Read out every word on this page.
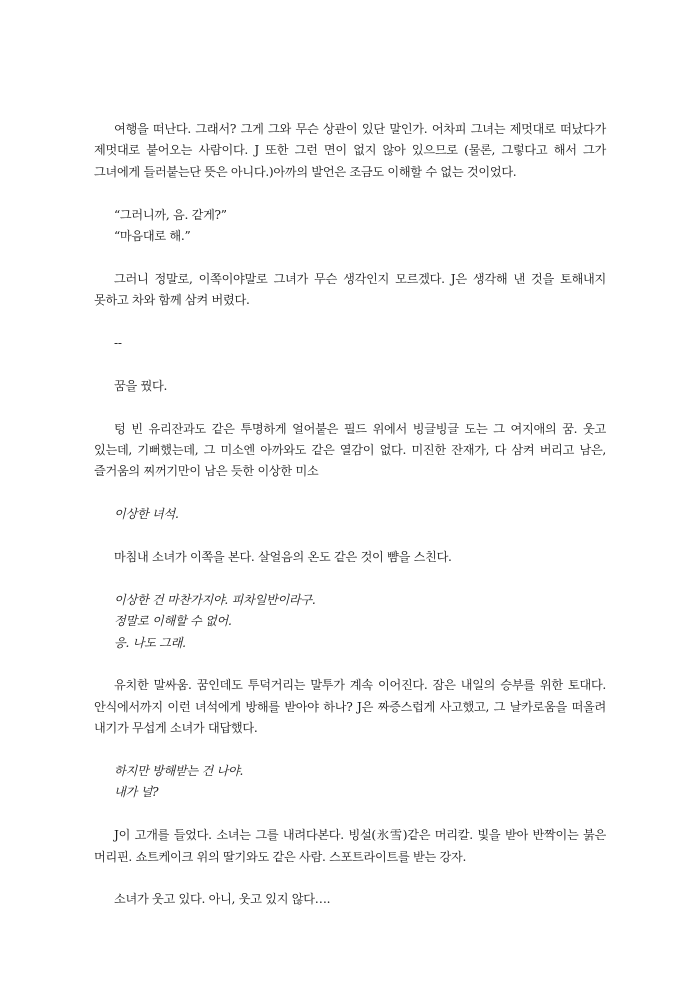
여행을 떠난다. 그래서? 그게 그와 무슨 상관이 있단 말인가. 어차피 그녀는 제멋대로 떠났다가 제멋대로 붙어오는 사람이다. J 또한 그런 면이 없지 않아 있으므로 (물론, 그렇다고 해서 그가 그녀에게 들러붙는단 뜻은 아니다.)아까의 발언은 조금도 이해할 수 없는 것이었다.

“그러니까, 음. 같게?”

“마음대로 해.”

그러니 정말로, 이쪽이야말로 그녀가 무슨 생각인지 모르겠다. J은 생각해 낸 것을 토해내지 못하고 차와 함께 삼켜 버렸다.

--

꿈을 꿨다.

텅 빈 유리잔과도 같은 투명하게 얼어붙은 필드 위에서 빙글빙글 도는 그 여지애의 꿈. 웃고 있는데, 기뻐했는데, 그 미소엔 아까와도 같은 열감이 없다. 미진한 잔재가, 다 삼켜 버리고 남은, 즐거움의 찌꺼기만이 남은 듯한 이상한 미소

이상한 녀석.

마침내 소녀가 이쪽을 본다. 살얼음의 온도 같은 것이 뺨을 스친다.

이상한 건 마찬가지야. 피차일반이라구.

정말로 이해할 수 없어.

응. 나도 그래.

유치한 말싸움. 꿈인데도 투덕거리는 말투가 계속 이어진다. 잠은 내일의 승부를 위한 토대다. 안식에서까지 이런 녀석에게 방해를 받아야 하나? J은 짜증스럽게 사고했고, 그 날카로움을 떠올려 내기가 무섭게 소녀가 대답했다.

하지만 방해받는 건 나야.

내가 널?

J이 고개를 들었다. 소녀는 그를 내려다본다. 빙설(氷雪)같은 머리칼. 빛을 받아 반짝이는 붉은 머리핀. 쇼트케이크 위의 딸기와도 같은 사람. 스포트라이트를 받는 강자.

소녀가 웃고 있다. 아니, 웃고 있지 않다….
